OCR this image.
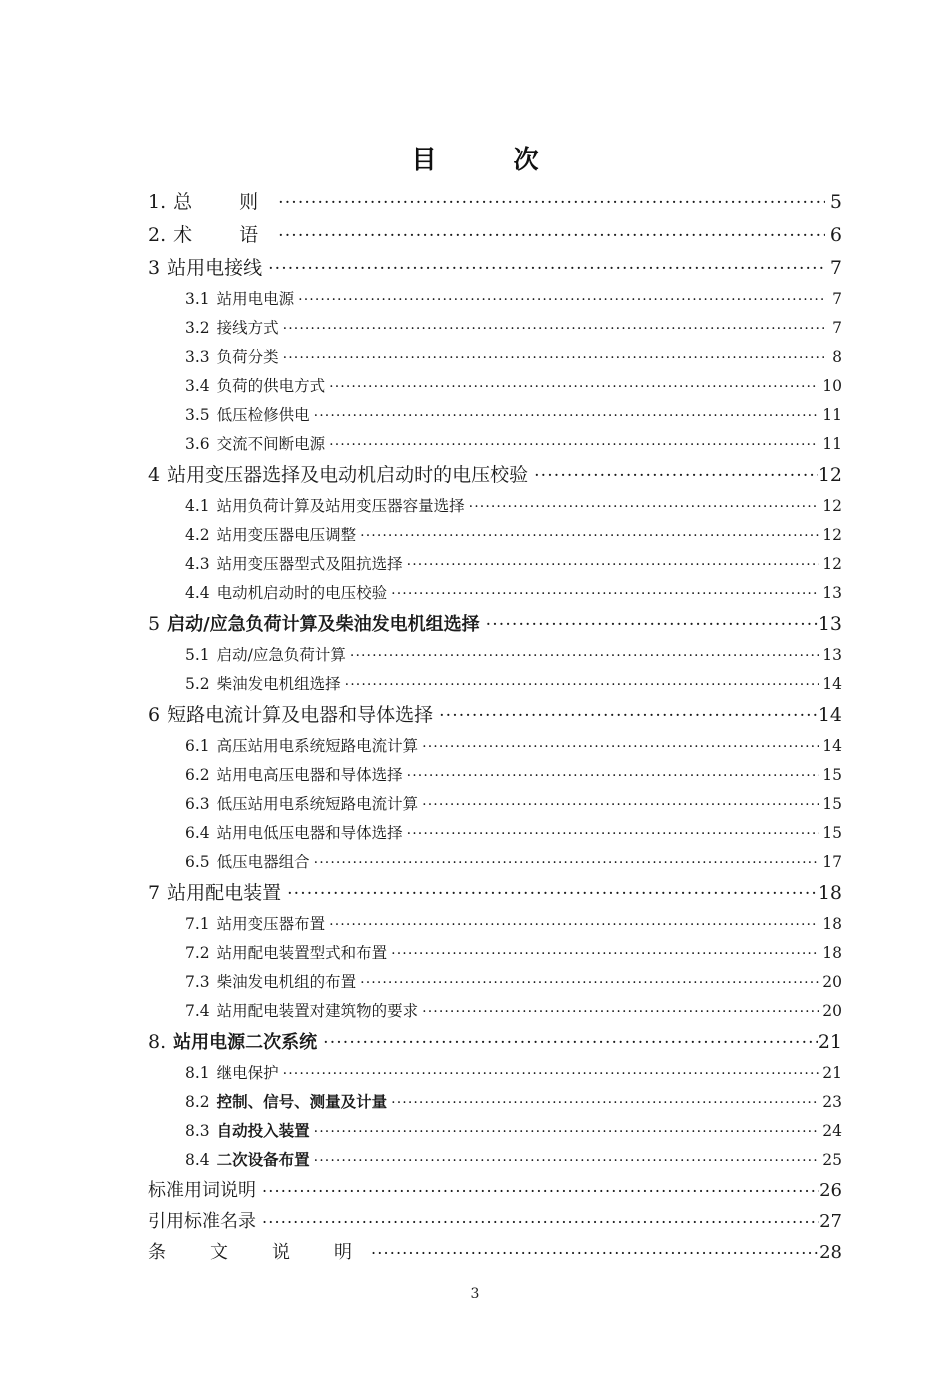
目　次
1. 总　则 .....	5
2. 术　语 .....	6
3 站用电接线 .....	7
3.1 站用电电源 .....	7
3.2 接线方式 .....	7
3.3 负荷分类 .....	8
3.4 负荷的供电方式 .....	10
3.5 低压检修供电 .....	11
3.6 交流不间断电源 .....	11
4 站用变压器选择及电动机启动时的电压校验 .....	12
4.1 站用负荷计算及站用变压器容量选择 .....	12
4.2 站用变压器电压调整 .....	12
4.3 站用变压器型式及阻抗选择 .....	12
4.4 电动机启动时的电压校验 .....	13
5 启动/应急负荷计算及柴油发电机组选择 .....	13
5.1 启动/应急负荷计算 .....	13
5.2 柴油发电机组选择 .....	14
6 短路电流计算及电器和导体选择 .....	14
6.1 高压站用电系统短路电流计算 .....	14
6.2 站用电高压电器和导体选择 .....	15
6.3 低压站用电系统短路电流计算 .....	15
6.4 站用电低压电器和导体选择 .....	15
6.5 低压电器组合 .....	17
7 站用配电装置 .....	18
7.1 站用变压器布置 .....	18
7.2 站用配电装置型式和布置 .....	18
7.3 柴油发电机组的布置 .....	20
7.4 站用配电装置对建筑物的要求 .....	20
8. 站用电源二次系统 .....	21
8.1 继电保护 .....	21
8.2 控制、信号、测量及计量 .....	23
8.3 自动投入装置 .....	24
8.4 二次设备布置 .....	25
标准用词说明 .....	26
引用标准名录 .....	27
条　文　说　明 .....	28
3
